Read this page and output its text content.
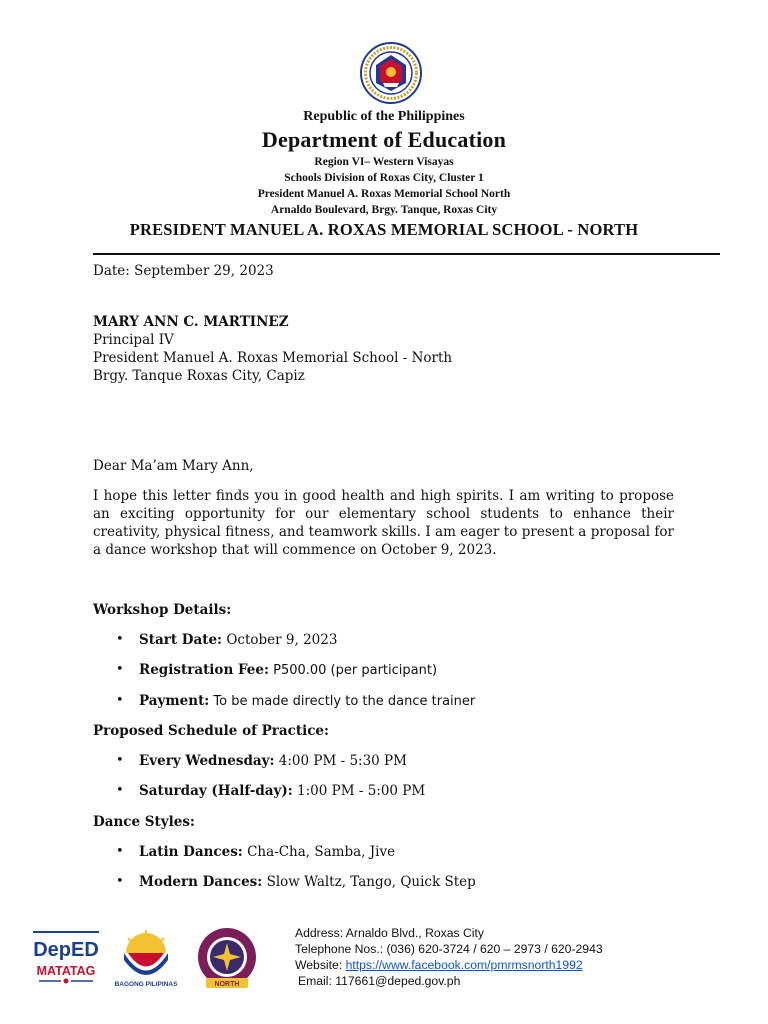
Republic of the Philippines
Department of Education
Region VI– Western Visayas
Schools Division of Roxas City, Cluster 1
President Manuel A. Roxas Memorial School North
Arnaldo Boulevard, Brgy. Tanque, Roxas City
PRESIDENT MANUEL A. ROXAS MEMORIAL SCHOOL - NORTH
Date: September 29, 2023
MARY ANN C. MARTINEZ
Principal IV
President Manuel A. Roxas Memorial School - North
Brgy. Tanque Roxas City, Capiz
Dear Ma’am Mary Ann,
I hope this letter finds you in good health and high spirits. I am writing to propose an exciting opportunity for our elementary school students to enhance their creativity, physical fitness, and teamwork skills. I am eager to present a proposal for a dance workshop that will commence on October 9, 2023.
Workshop Details:
• Start Date: October 9, 2023
• Registration Fee: P500.00 (per participant)
• Payment: To be made directly to the dance trainer
Proposed Schedule of Practice:
• Every Wednesday: 4:00 PM - 5:30 PM
• Saturday (Half-day): 1:00 PM - 5:00 PM
Dance Styles:
• Latin Dances: Cha-Cha, Samba, Jive
• Modern Dances: Slow Waltz, Tango, Quick Step
DepED
MATATAG
BAGONG PILIPINAS	NORTH
Address: Arnaldo Blvd., Roxas City
Telephone Nos.: (036) 620-3724 / 620 – 2973 / 620-2943
Website: https://www.facebook.com/pmrmsnorth1992
Email: 117661@deped.gov.ph
